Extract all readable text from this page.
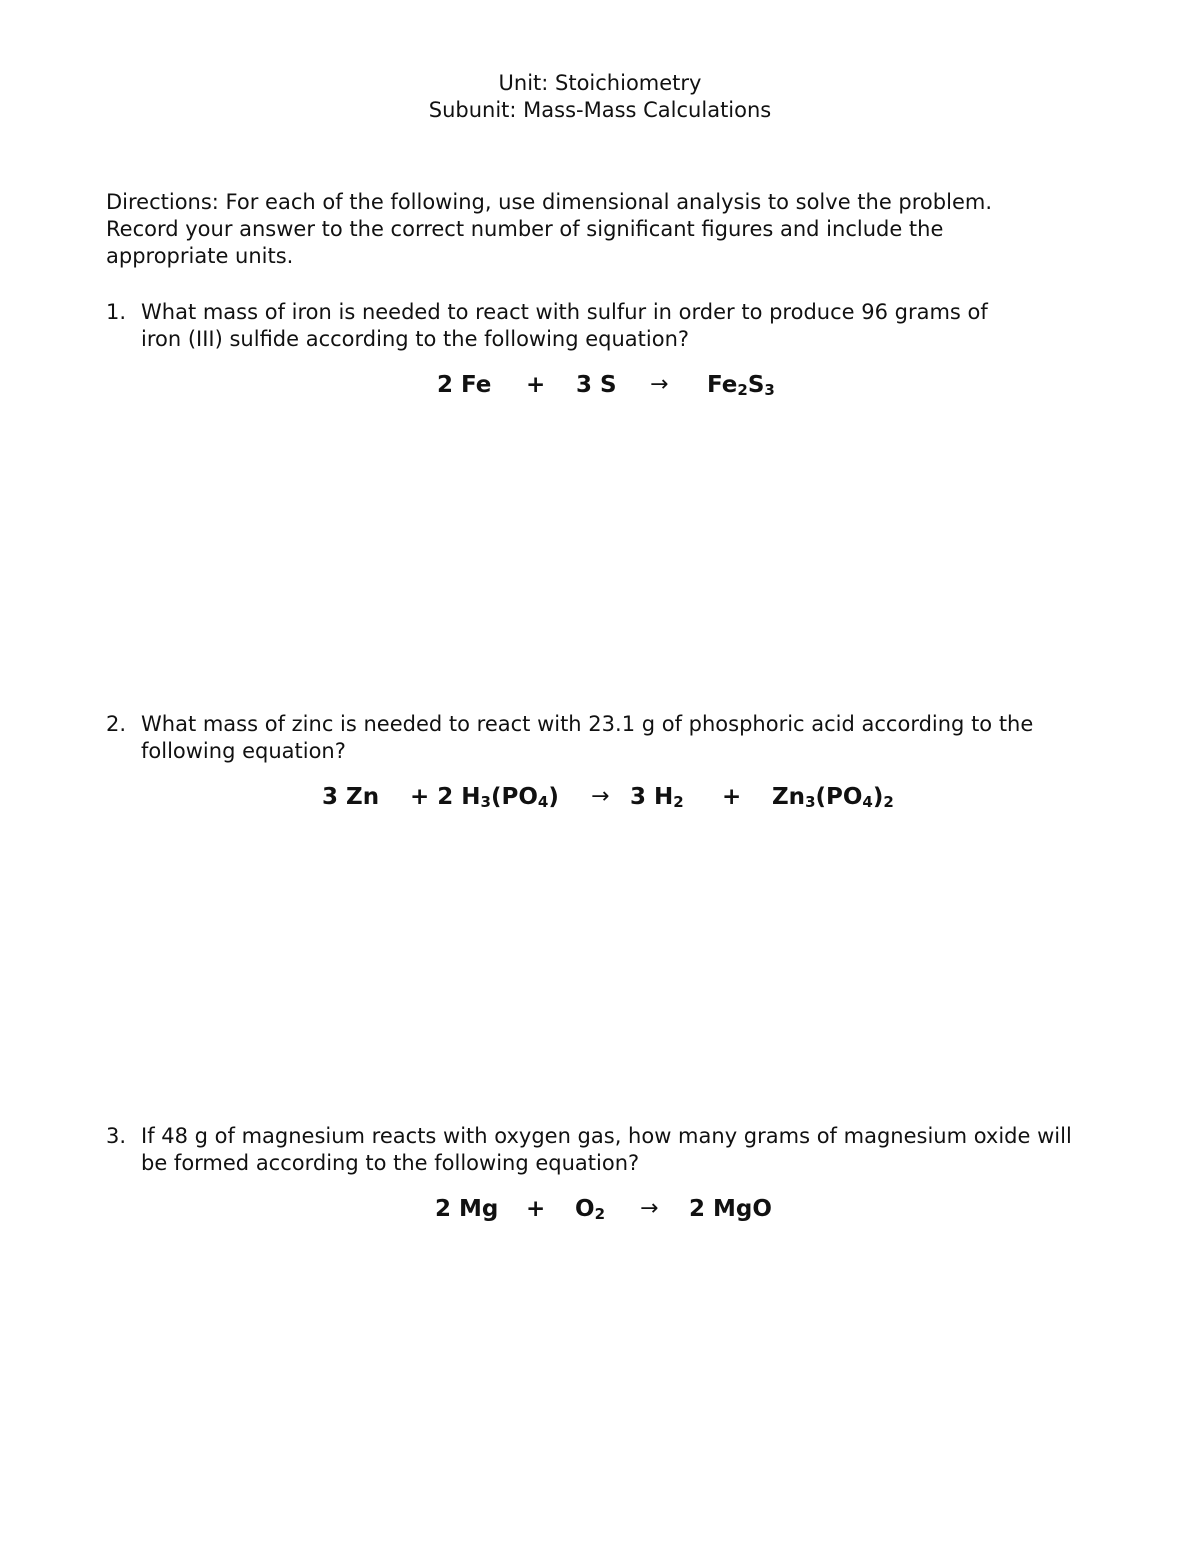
Unit: Stoichiometry
Subunit: Mass-Mass Calculations
Directions: For each of the following, use dimensional analysis to solve the problem.
Record your answer to the correct number of significant figures and include the
appropriate units.
1. What mass of iron is needed to react with sulfur in order to produce 96 grams of
iron (III) sulfide according to the following equation?
2 Fe + 3 $S \to Fe_2S_3$
2. What mass of zinc is needed to react with 23.1 g of phosphoric acid according to the
following equation?
3 Zn + 2 $H_3(PO_4) \to 3$ $H_2 + Zn_3(PO_4)_2$
3. If 48 g of magnesium reacts with oxygen gas, how many grams of magnesium oxide will
be formed according to the following equation?
2 $Mg + O_2 \to 2$ MgO
